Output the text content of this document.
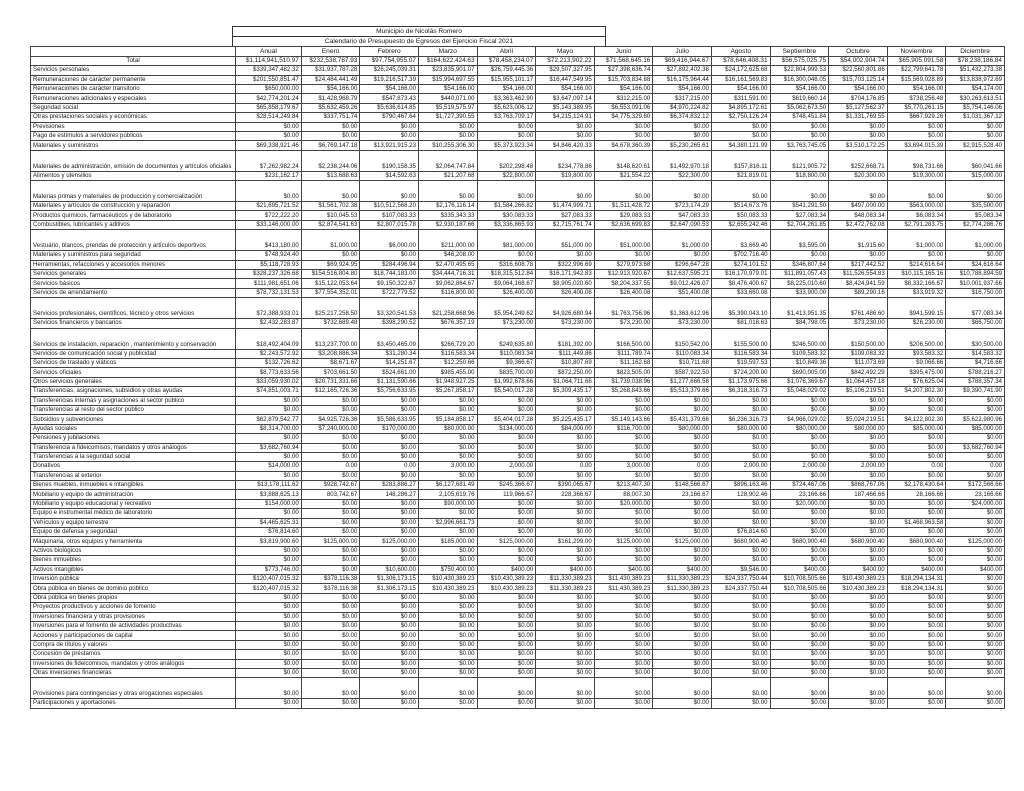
Municipio de Nicolás Romero
Calendario de Presupuesto de Egresos del Ejercicio Fiscal 2021
	Anual	Enero	Febrero	Marzo	Abril	Mayo	Junio	Julio	Agosto	Septiembre	Octubre	Noviembre	Diciembre
Total	$1,114,941,510.97	$232,538,787.93	$97,754,955.07	$164,622,424.63	$78,458,234.07	$72,213,902.22	$71,568,645.16	$69,416,944.67	$78,646,408.31	$56,575,025.75	$54,002,904.74	$65,905,091.58	$78,238,186.84
Servicios personales	$339,347,482.32	$31,937,787.28	$26,245,039.31	$23,835,901.07	$26,759,445.36	$29,507,327.95	$27,398,636.74	$27,892,402.38	$24,172,625.68	$22,804,999.53	$22,560,801.86	$22,799,641.78	$51,432,273.38
Remuneraciones de carácter permanente	$201,550,851.47	$24,484,441.49	$19,216,517.39	$15,994,697.55	$15,955,101.17	$16,447,549.95	$15,703,834.88	$16,175,964.44	$16,161,569.83	$16,300,048.05	$15,703,125.14	$15,569,028.89	$13,838,972.69
Remuneraciones de carácter transitorio	$650,000.00	$54,166.00	$54,166.00	$54,166.00	$54,166.00	$54,166.00	$54,166.00	$54,166.00	$54,166.00	$54,166.00	$54,166.00	$54,166.00	$54,174.00
Remuneraciones adicionales y especiales	$42,774,201.24	$1,428,968.79	$547,873.43	$440,071.00	$3,363,462.90	$3,647,097.14	$312,215.00	$317,215.00	$311,591.00	$619,660.14	$704,176.85	$738,256.48	$30,263,613.51
Seguridad social	$65,858,179.67	$5,632,459.26	$5,636,614.85	$5,519,575.97	$5,623,006.12	$5,143,389.95	$6,553,091.06	$4,970,224.82	$4,895,172.61	$5,062,673.50	$5,127,562.37	$5,770,261.15	$5,754,146.06
Otras prestaciones sociales y económicas	$28,514,249.84	$337,751.74	$790,467.64	$1,727,390.55	$3,763,709.17	$4,215,124.91	$4,775,329.80	$6,374,832.12	$2,750,126.24	$748,451.84	$1,331,769.55	$667,929.26	$1,031,367.12
Previsiones	$0.00	$0.00	$0.00	$0.00	$0.00	$0.00	$0.00	$0.00	$0.00	$0.00	$0.00	$0.00	$0.00
Pago de estímulos a servidores públicos	$0.00	$0.00	$0.00	$0.00	$0.00	$0.00	$0.00	$0.00	$0.00	$0.00	$0.00	$0.00	$0.00
Materiales y suministros	$69,338,921.46	$6,769,147.18	$13,921,915.23	$10,255,306.30	$5,373,923.34	$4,846,420.33	$4,678,360.39	$5,230,265.61	$4,380,121.99	$3,763,745.05	$3,510,172.25	$3,694,015.39	$2,915,528.40
Materiales de administración, emisión de documentos y artículos oficiales	$7,262,982.24	$2,238,244.06	$190,158.35	$2,064,747.84	$202,298.48	$234,778.86	$148,620.61	$1,492,970.18	$157,816.11	$121,905.72	$252,668.71	$98,731.66	$60,041.66
Alimentos y utensilios	$231,162.17	$13,688.63	$14,592.63	$21,207.68	$22,800.00	$19,800.00	$21,554.22	$22,300.00	$21,819.01	$18,800.00	$20,300.00	$19,300.00	$15,000.00
Materias primas y materiales de producción y comercialización	$0.00	$0.00	$0.00	$0.00	$0.00	$0.00	$0.00	$0.00	$0.00	$0.00	$0.00	$0.00	$0.00
Materiales y artículos de construcción y reparación	$21,695,721.52	$1,561,702.38	$10,512,568.20	$2,176,116.14	$1,584,266.82	$1,474,999.71	$1,511,428.72	$723,174.29	$514,673.76	$541,291.50	$497,000.00	$563,000.00	$35,500.00
Productos químicos, farmacéuticos y de laboratorio	$722,222.20	$10,045.53	$107,083.33	$335,343.33	$30,083.33	$27,083.33	$29,083.33	$47,083.33	$50,083.33	$27,083.34	$48,083.34	$6,083.34	$5,083.34
Combustibles, lubricantes y aditivos	$33,146,000.00	$2,874,541.63	$2,807,015.78	$2,930,187.66	$3,336,865.93	$2,715,761.74	$2,636,699.83	$2,647,090.53	$2,655,242.46	$2,704,261.85	$2,472,762.08	$2,791,283.75	$2,774,286.76
Vestuario, blancos, prendas de protección y artículos deportivos	$413,180.00	$1,000.00	$6,000.00	$211,000.00	$81,000.00	$51,000.00	$51,000.00	$1,000.00	$3,669.40	$3,595.00	$1,915.60	$1,000.00	$1,000.00
Materiales y suministros para seguridad	$748,924.40	$0.00	$0.00	$46,208.00	$0.00	$0.00	$0.00	$0.00	$702,716.40	$0.00	$0.00	$0.00	$0.00
Herramientas, refacciones y accesorios menores	$5,118,728.93	$69,924.95	$284,496.94	$2,470,495.65	$316,608.78	$322,996.69	$279,973.68	$296,647.28	$274,101.52	$346,807.64	$217,442.52	$214,616.64	$24,616.64
Servicios generales	$328,237,326.68	$154,516,804.80	$18,744,183.00	$34,444,716.31	$18,315,512.84	$16,171,942.83	$12,913,920.67	$12,637,595.21	$16,170,979.01	$11,891,057.43	$11,526,554.83	$10,115,165.16	$10,788,894.59
Servicios básicos	$111,981,651.06	$15,122,053.64	$9,150,322.67	$9,062,864.67	$9,064,168.67	$8,905,020.60	$8,204,337.55	$9,012,426.07	$8,476,400.67	$8,225,010.60	$8,424,941.59	$8,332,166.67	$10,001,937.66
Servicios de arrendamiento	$78,732,131.53	$77,554,352.01	$722,779.52	$116,800.00	$26,400.00	$26,400.08	$26,400.08	$51,400.08	$33,660.08	$33,900.00	$89,290.16	$33,919.32	$16,750.00
Servicios profesionales, científicos, técnico y otros servicios	$72,388,933.01	$25,217,258.50	$3,320,541.53	$21,258,668.96	$5,954,249.62	$4,926,680.94	$1,763,756.96	$1,363,612.96	$5,390,043.10	$1,413,951.35	$761,486.60	$941,599.15	$77,083.34
Servicios financieros y bancarios	$2,432,283.87	$732,689.48	$398,290.52	$676,357.19	$73,230.00	$73,230.00	$73,230.00	$73,230.00	$81,018.63	$84,798.05	$73,230.00	$26,230.00	$66,750.00
Servicios de instalación, reparación , mantenimiento y conservación	$18,492,404.09	$13,237,700.00	$3,450,465.09	$266,729.20	$249,635.80	$181,392.00	$166,500.00	$150,542.00	$155,500.00	$246,500.00	$150,500.00	$206,500.00	$30,500.00
Servicios de comunicación social y publicidad	$2,243,572.92	$3,208,886.34	$31,280.34	$116,583.34	$110,083.34	$111,449.86	$111,789.74	$110,083.34	$116,583.34	$109,583.32	$109,083.32	$93,583.32	$14,583.32
Servicios de traslado y viáticos	$132,726.62	$8,671.67	$14,251.67	$12,250.66	$9,366.67	$10,807.69	$11,162.68	$10,711.68	$19,597.53	$10,849.36	$11,073.69	$9,066.66	$4,716.66
Servicios oficiales	$8,773,633.56	$703,661.50	$524,661.00	$985,455.00	$835,700.00	$872,250.00	$823,505.00	$587,922.50	$724,200.00	$690,005.00	$842,492.29	$395,475.00	$788,216.27
Otros servicios generales	$33,059,930.02	$20,731,331.66	$1,131,590.66	$1,948,927.25	$1,992,678.66	$1,064,711.66	$1,739,038.96	$1,277,666.58	$1,173,975.66	$1,076,369.67	$1,064,457.18	$76,625.04	$788,357.34
Transferencias, asignaciones, subsidios y otras ayudas	$74,851,003.71	$12,165,726.36	$5,756,633.95	$5,267,858.17	$5,540,017.28	$5,309,435.17	$5,268,843.66	$5,513,379.66	$6,318,316.73	$5,048,029.02	$5,106,219.51	$4,207,802.30	$9,390,741.90
Transferencias internas y asignaciones al sector público	$0.00	$0.00	$0.00	$0.00	$0.00	$0.00	$0.00	$0.00	$0.00	$0.00	$0.00	$0.00	$0.00
Transferencias al resto del sector público	$0.00	$0.00	$0.00	$0.00	$0.00	$0.00	$0.00	$0.00	$0.00	$0.00	$0.00	$0.00	$0.00
Subsidios y subvenciones	$62,879,542.77	$4,925,726.36	$5,586,633.95	$5,184,858.17	$5,404,017.28	$5,225,435.17	$5,149,143.66	$5,431,379.66	$6,236,316.73	$4,966,029.02	$5,024,219.51	$4,122,802.30	$5,622,980.96
Ayudas sociales	$8,314,700.00	$7,240,000.00	$170,000.00	$80,000.00	$134,000.00	$84,000.00	$116,700.00	$80,000.00	$80,000.00	$80,000.00	$80,000.00	$85,000.00	$85,000.00
Pensiones y jubilaciones	$0.00	$0.00	$0.00	$0.00	$0.00	$0.00	$0.00	$0.00	$0.00	$0.00	$0.00	$0.00	$0.00
Transferencia a fideicomisos, mandatos y otros análogos	$3,682,760.94	$0.00	$0.00	$0.00	$0.00	$0.00	$0.00	$0.00	$0.00	$0.00	$0.00	$0.00	$3,682,760.94
Transferencias a la seguridad social	$0.00	$0.00	$0.00	$0.00	$0.00	$0.00	$0.00	$0.00	$0.00	$0.00	$0.00	$0.00	$0.00
Donativos	$14,000.00	0.00	0.00	3,000.00	2,000.00	0.00	3,000.00	0.00	2,000.00	2,000.00	2,000.00	0.00	0.00
Transferencias al exterior	$0.00	$0.00	$0.00	$0.00	$0.00	$0.00	$0.00	$0.00	$0.00	$0.00	$0.00	$0.00	$0.00
Bienes muebles, inmuebles e intangibles	$13,178,111.62	$928,742.67	$283,886.27	$6,127,681.49	$245,366.67	$390,065.67	$213,407.30	$148,566.67	$896,163.46	$724,467.06	$868,767.06	$2,178,430.64	$172,566.66
Mobiliario y equipo de administración	$3,888,625.13	803,742.67	148,286.27	2,105,619.76	119,966.67	228,366.67	88,007.30	23,166.67	128,902.46	23,166.66	187,466.66	28,166.66	23,166.66
Mobiliario y equipo educacional y recreativo	$154,000.00	$0.00	$0.00	$90,000.00	$0.00	$0.00	$20,000.00	$0.00	$0.00	$20,000.00	$0.00	$0.00	$24,000.00
Equipo e instrumental médico de laboratorio	$0.00	$0.00	$0.00	$0.00	$0.00	$0.00	$0.00	$0.00	$0.00	$0.00	$0.00	$0.00	$0.00
Vehículos y equipo terrestre	$4,465,625.31	$0.00	$0.00	$2,996,661.73	$0.00	$0.00	$0.00	$0.00	$0.00	$0.00	$0.00	$1,468,963.58	$0.00
Equipo de defensa y seguridad	$76,814.60	$0.00	$0.00	$0.00	$0.00	$0.00	$0.00	$0.00	$76,814.60	$0.00	$0.00	$0.00	$0.00
Maquinaria, otros equipos y herramienta	$3,819,900.60	$125,000.00	$125,000.00	$185,000.00	$125,000.00	$161,299.00	$125,000.00	$125,000.00	$680,900.40	$680,900.40	$680,900.40	$680,900.40	$125,000.00
Activos biológicos	$0.00	$0.00	$0.00	$0.00	$0.00	$0.00	$0.00	$0.00	$0.00	$0.00	$0.00	$0.00	$0.00
Bienes inmuebles	$0.00	$0.00	$0.00	$0.00	$0.00	$0.00	$0.00	$0.00	$0.00	$0.00	$0.00	$0.00	$0.00
Activos intangibles	$773,746.00	$0.00	$10,600.00	$750,400.00	$400.00	$400.00	$400.00	$400.00	$9,546.00	$400.00	$400.00	$400.00	$400.00
Inversión pública	$120,407,015.32	$378,116.38	$1,306,173.15	$10,430,389.23	$10,430,389.23	$11,330,389.23	$11,430,389.23	$11,330,389.23	$24,337,750.44	$10,708,505.66	$10,430,389.23	$18,294,134.31	$0.00
Obra pública en bienes de dominio público	$120,407,015.32	$378,116.38	$1,306,173.15	$10,430,389.23	$10,430,389.23	$11,330,389.23	$11,430,389.23	$11,330,389.23	$24,337,750.44	$10,708,505.66	$10,430,389.23	$18,294,134.31	$0.00
Obra pública en bienes propios	$0.00	$0.00	$0.00	$0.00	$0.00	$0.00	$0.00	$0.00	$0.00	$0.00	$0.00	$0.00	$0.00
Proyectos productivos y acciones de fomento	$0.00	$0.00	$0.00	$0.00	$0.00	$0.00	$0.00	$0.00	$0.00	$0.00	$0.00	$0.00	$0.00
Inversiones financiera y otras provisiones	$0.00	$0.00	$0.00	$0.00	$0.00	$0.00	$0.00	$0.00	$0.00	$0.00	$0.00	$0.00	$0.00
Inversiones para el fomento de actividades productivas	$0.00	$0.00	$0.00	$0.00	$0.00	$0.00	$0.00	$0.00	$0.00	$0.00	$0.00	$0.00	$0.00
Acciones y participaciones de capital	$0.00	$0.00	$0.00	$0.00	$0.00	$0.00	$0.00	$0.00	$0.00	$0.00	$0.00	$0.00	$0.00
Compra de títulos y valores	$0.00	$0.00	$0.00	$0.00	$0.00	$0.00	$0.00	$0.00	$0.00	$0.00	$0.00	$0.00	$0.00
Concesión de préstamos	$0.00	$0.00	$0.00	$0.00	$0.00	$0.00	$0.00	$0.00	$0.00	$0.00	$0.00	$0.00	$0.00
Inversiones de fideicomisos, mandatos y otros análogos	$0.00	$0.00	$0.00	$0.00	$0.00	$0.00	$0.00	$0.00	$0.00	$0.00	$0.00	$0.00	$0.00
Otras inversiones financieras	$0.00	$0.00	$0.00	$0.00	$0.00	$0.00	$0.00	$0.00	$0.00	$0.00	$0.00	$0.00	$0.00
Provisiones para contingencias y otras erogaciones especiales	$0.00	$0.00	$0.00	$0.00	$0.00	$0.00	$0.00	$0.00	$0.00	$0.00	$0.00	$0.00	$0.00
Participaciones y aportaciones	$0.00	$0.00	$0.00	$0.00	$0.00	$0.00	$0.00	$0.00	$0.00	$0.00	$0.00	$0.00	$0.00
